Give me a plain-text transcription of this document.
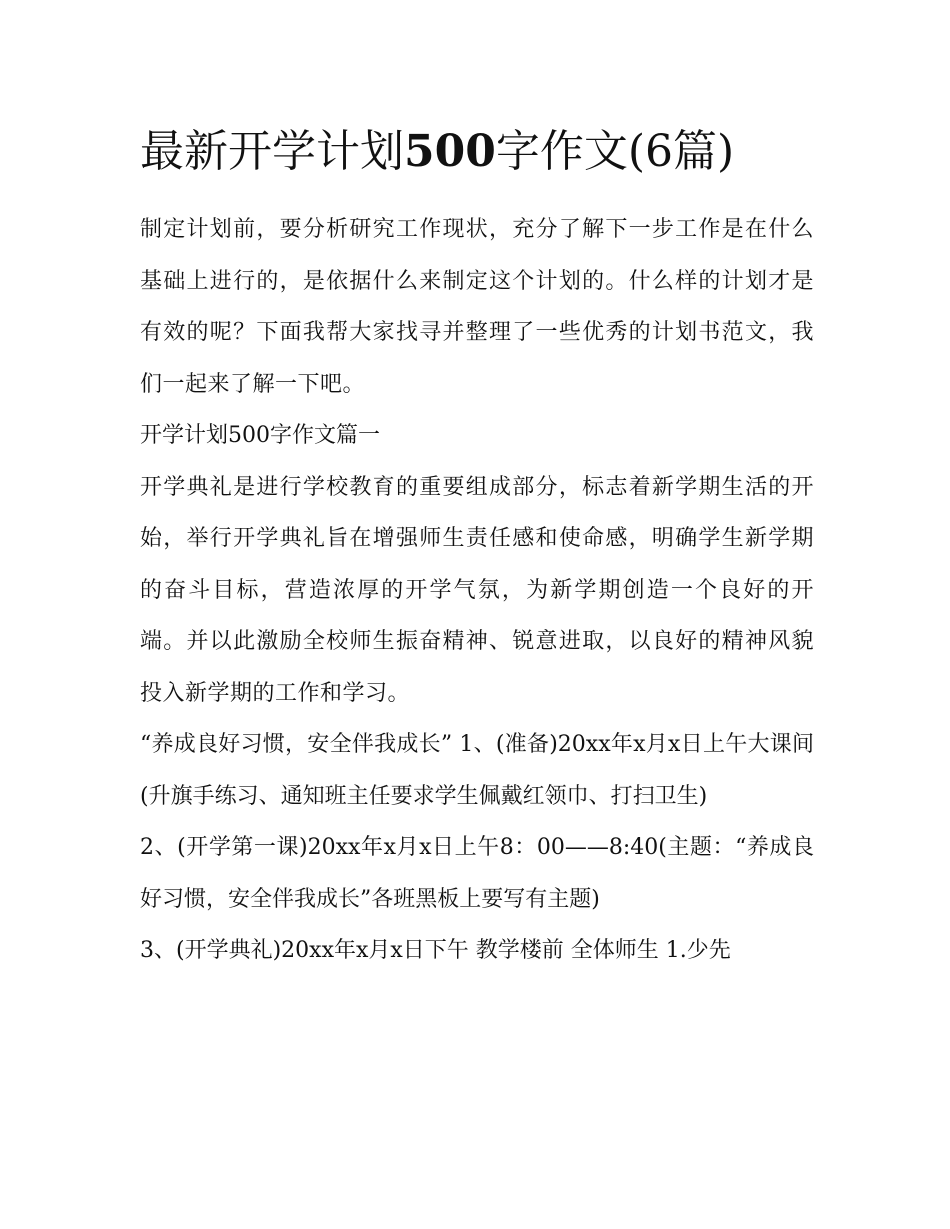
最新开学计划500字作文(6篇)

制定计划前，要分析研究工作现状，充分了解下一步工作是在什么基础上进行的，是依据什么来制定这个计划的。什么样的计划才是有效的呢？下面我帮大家找寻并整理了一些优秀的计划书范文，我们一起来了解一下吧。

开学计划500字作文篇一

开学典礼是进行学校教育的重要组成部分，标志着新学期生活的开始，举行开学典礼旨在增强师生责任感和使命感，明确学生新学期的奋斗目标，营造浓厚的开学气氛，为新学期创造一个良好的开端。并以此激励全校师生振奋精神、锐意进取，以良好的精神风貌投入新学期的工作和学习。

“养成良好习惯，安全伴我成长” 1、(准备)20xx年x月x日上午大课间(升旗手练习、通知班主任要求学生佩戴红领巾、打扫卫生)

2、(开学第一课)20xx年x月x日上午8：00——8:40(主题：“养成良好习惯，安全伴我成长”各班黑板上要写有主题)

3、(开学典礼)20xx年x月x日下午 教学楼前 全体师生 1.少先
